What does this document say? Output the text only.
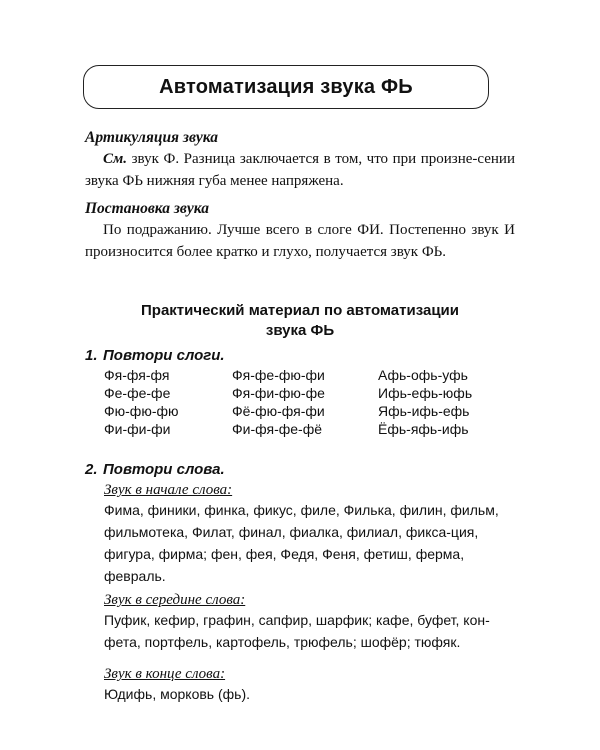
Автоматизация звука ФЬ
Артикуляция звука
См. звук Ф. Разница заключается в том, что при произне-сении звука ФЬ нижняя губа менее напряжена.
Постановка звука
По подражанию. Лучше всего в слоге ФИ. Постепенно звук И произносится более кратко и глухо, получается звук ФЬ.
Практический материал по автоматизации
звука ФЬ
1. Повтори слоги.
Фя-фя-фя	Фя-фе-фю-фи	Афь-офь-уфь
Фе-фе-фе	Фя-фи-фю-фе	Ифь-ефь-юфь
Фю-фю-фю	Фё-фю-фя-фи	Яфь-ифь-ефь
Фи-фи-фи	Фи-фя-фе-фё	Ёфь-яфь-ифь
2. Повтори слова.
Звук в начале слова:
Фима, финики, финка, фикус, филе, Филька, филин, фильм, фильмотека, Филат, финал, фиалка, филиал, фикса-ция, фигура, фирма; фен, фея, Федя, Феня, фетиш, ферма, февраль.
Звук в середине слова:
Пуфик, кефир, графин, сапфир, шарфик; кафе, буфет, кон-фета, портфель, картофель, трюфель; шофёр; тюфяк.
Звук в конце слова:
Юдифь, морковь (фь).
